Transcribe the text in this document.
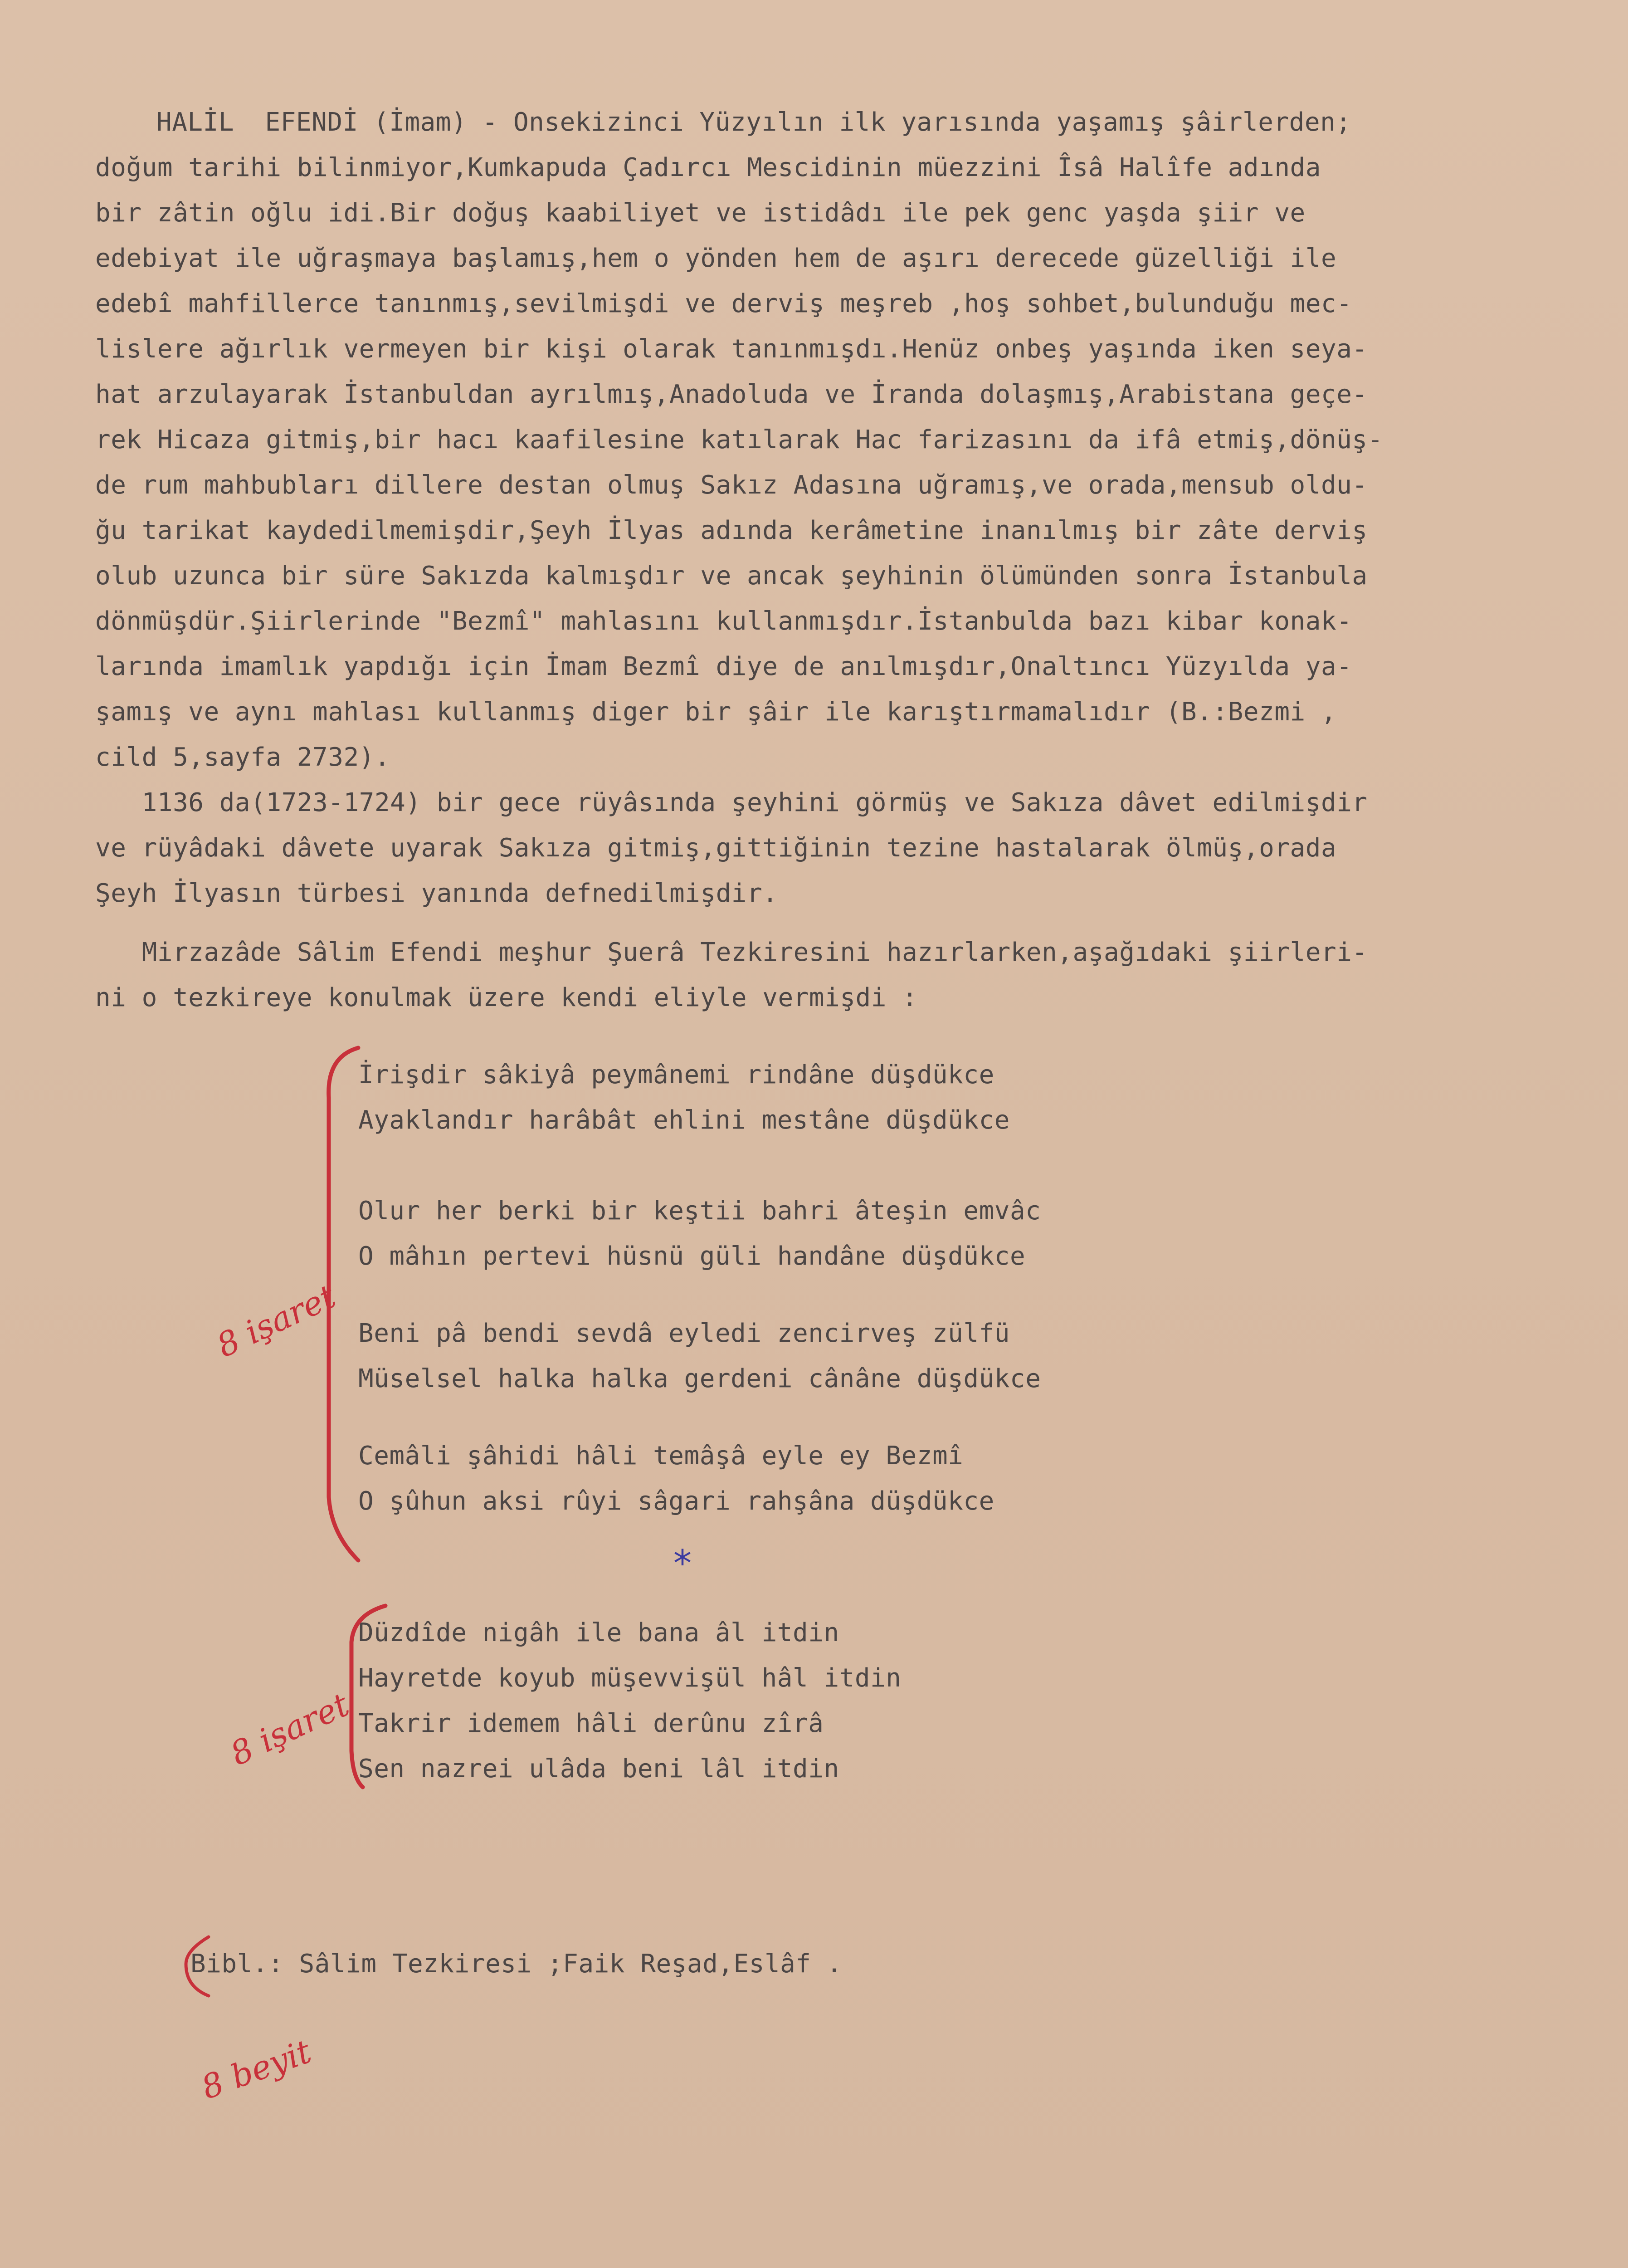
HALİL  EFENDİ (İmam) - Onsekizinci Yüzyılın ilk yarısında yaşamış şâirlerden;
doğum tarihi bilinmiyor,Kumkapuda Çadırcı Mescidinin müezzini Îsâ Halîfe adında
bir zâtin oğlu idi.Bir doğuş kaabiliyet ve istidâdı ile pek genc yaşda şiir ve
edebiyat ile uğraşmaya başlamış,hem o yönden hem de aşırı derecede güzelliği ile
edebî mahfillerce tanınmış,sevilmişdi ve derviş meşreb ,hoş sohbet,bulunduğu mec-
lislere ağırlık vermeyen bir kişi olarak tanınmışdı.Henüz onbeş yaşında iken seya-
hat arzulayarak İstanbuldan ayrılmış,Anadoluda ve İranda dolaşmış,Arabistana geçe-
rek Hicaza gitmiş,bir hacı kaafilesine katılarak Hac farizasını da ifâ etmiş,dönüş-
de rum mahbubları dillere destan olmuş Sakız Adasına uğramış,ve orada,mensub oldu-
ğu tarikat kaydedilmemişdir,Şeyh İlyas adında kerâmetine inanılmış bir zâte derviş
olub uzunca bir süre Sakızda kalmışdır ve ancak şeyhinin ölümünden sonra İstanbula
dönmüşdür.Şiirlerinde "Bezmî" mahlasını kullanmışdır.İstanbulda bazı kibar konak-
larında imamlık yapdığı için İmam Bezmî diye de anılmışdır,Onaltıncı Yüzyılda ya-
şamış ve aynı mahlası kullanmış diger bir şâir ile karıştırmamalıdır (B.:Bezmi ,
cild 5,sayfa 2732).
1136 da(1723-1724) bir gece rüyâsında şeyhini görmüş ve Sakıza dâvet edilmişdir
ve rüyâdaki dâvete uyarak Sakıza gitmiş,gittiğinin tezine hastalarak ölmüş,orada
Şeyh İlyasın türbesi yanında defnedilmişdir.
Mirzazâde Sâlim Efendi meşhur Şuerâ Tezkiresini hazırlarken,aşağıdaki şiirleri-
ni o tezkireye konulmak üzere kendi eliyle vermişdi :
İrişdir sâkiyâ peymânemi rindâne düşdükce
Ayaklandır harâbât ehlini mestâne düşdükce
Olur her berki bir keştii bahri âteşin emvâc
O mâhın pertevi hüsnü güli handâne düşdükce
Beni pâ bendi sevdâ eyledi zencirveş zülfü
Müselsel halka halka gerdeni cânâne düşdükce
Cemâli şâhidi hâli temâşâ eyle ey Bezmî
O şûhun aksi rûyi sâgari rahşâna düşdükce
*
Düzdîde nigâh ile bana âl itdin
Hayretde koyub müşevvişül hâl itdin
Takrir idemem hâli derûnu zîrâ
Sen nazrei ulâda beni lâl itdin
Bibl.: Sâlim Tezkiresi ;Faik Reşad,Eslâf .
8 işaret
8 işaret
8 beyit
